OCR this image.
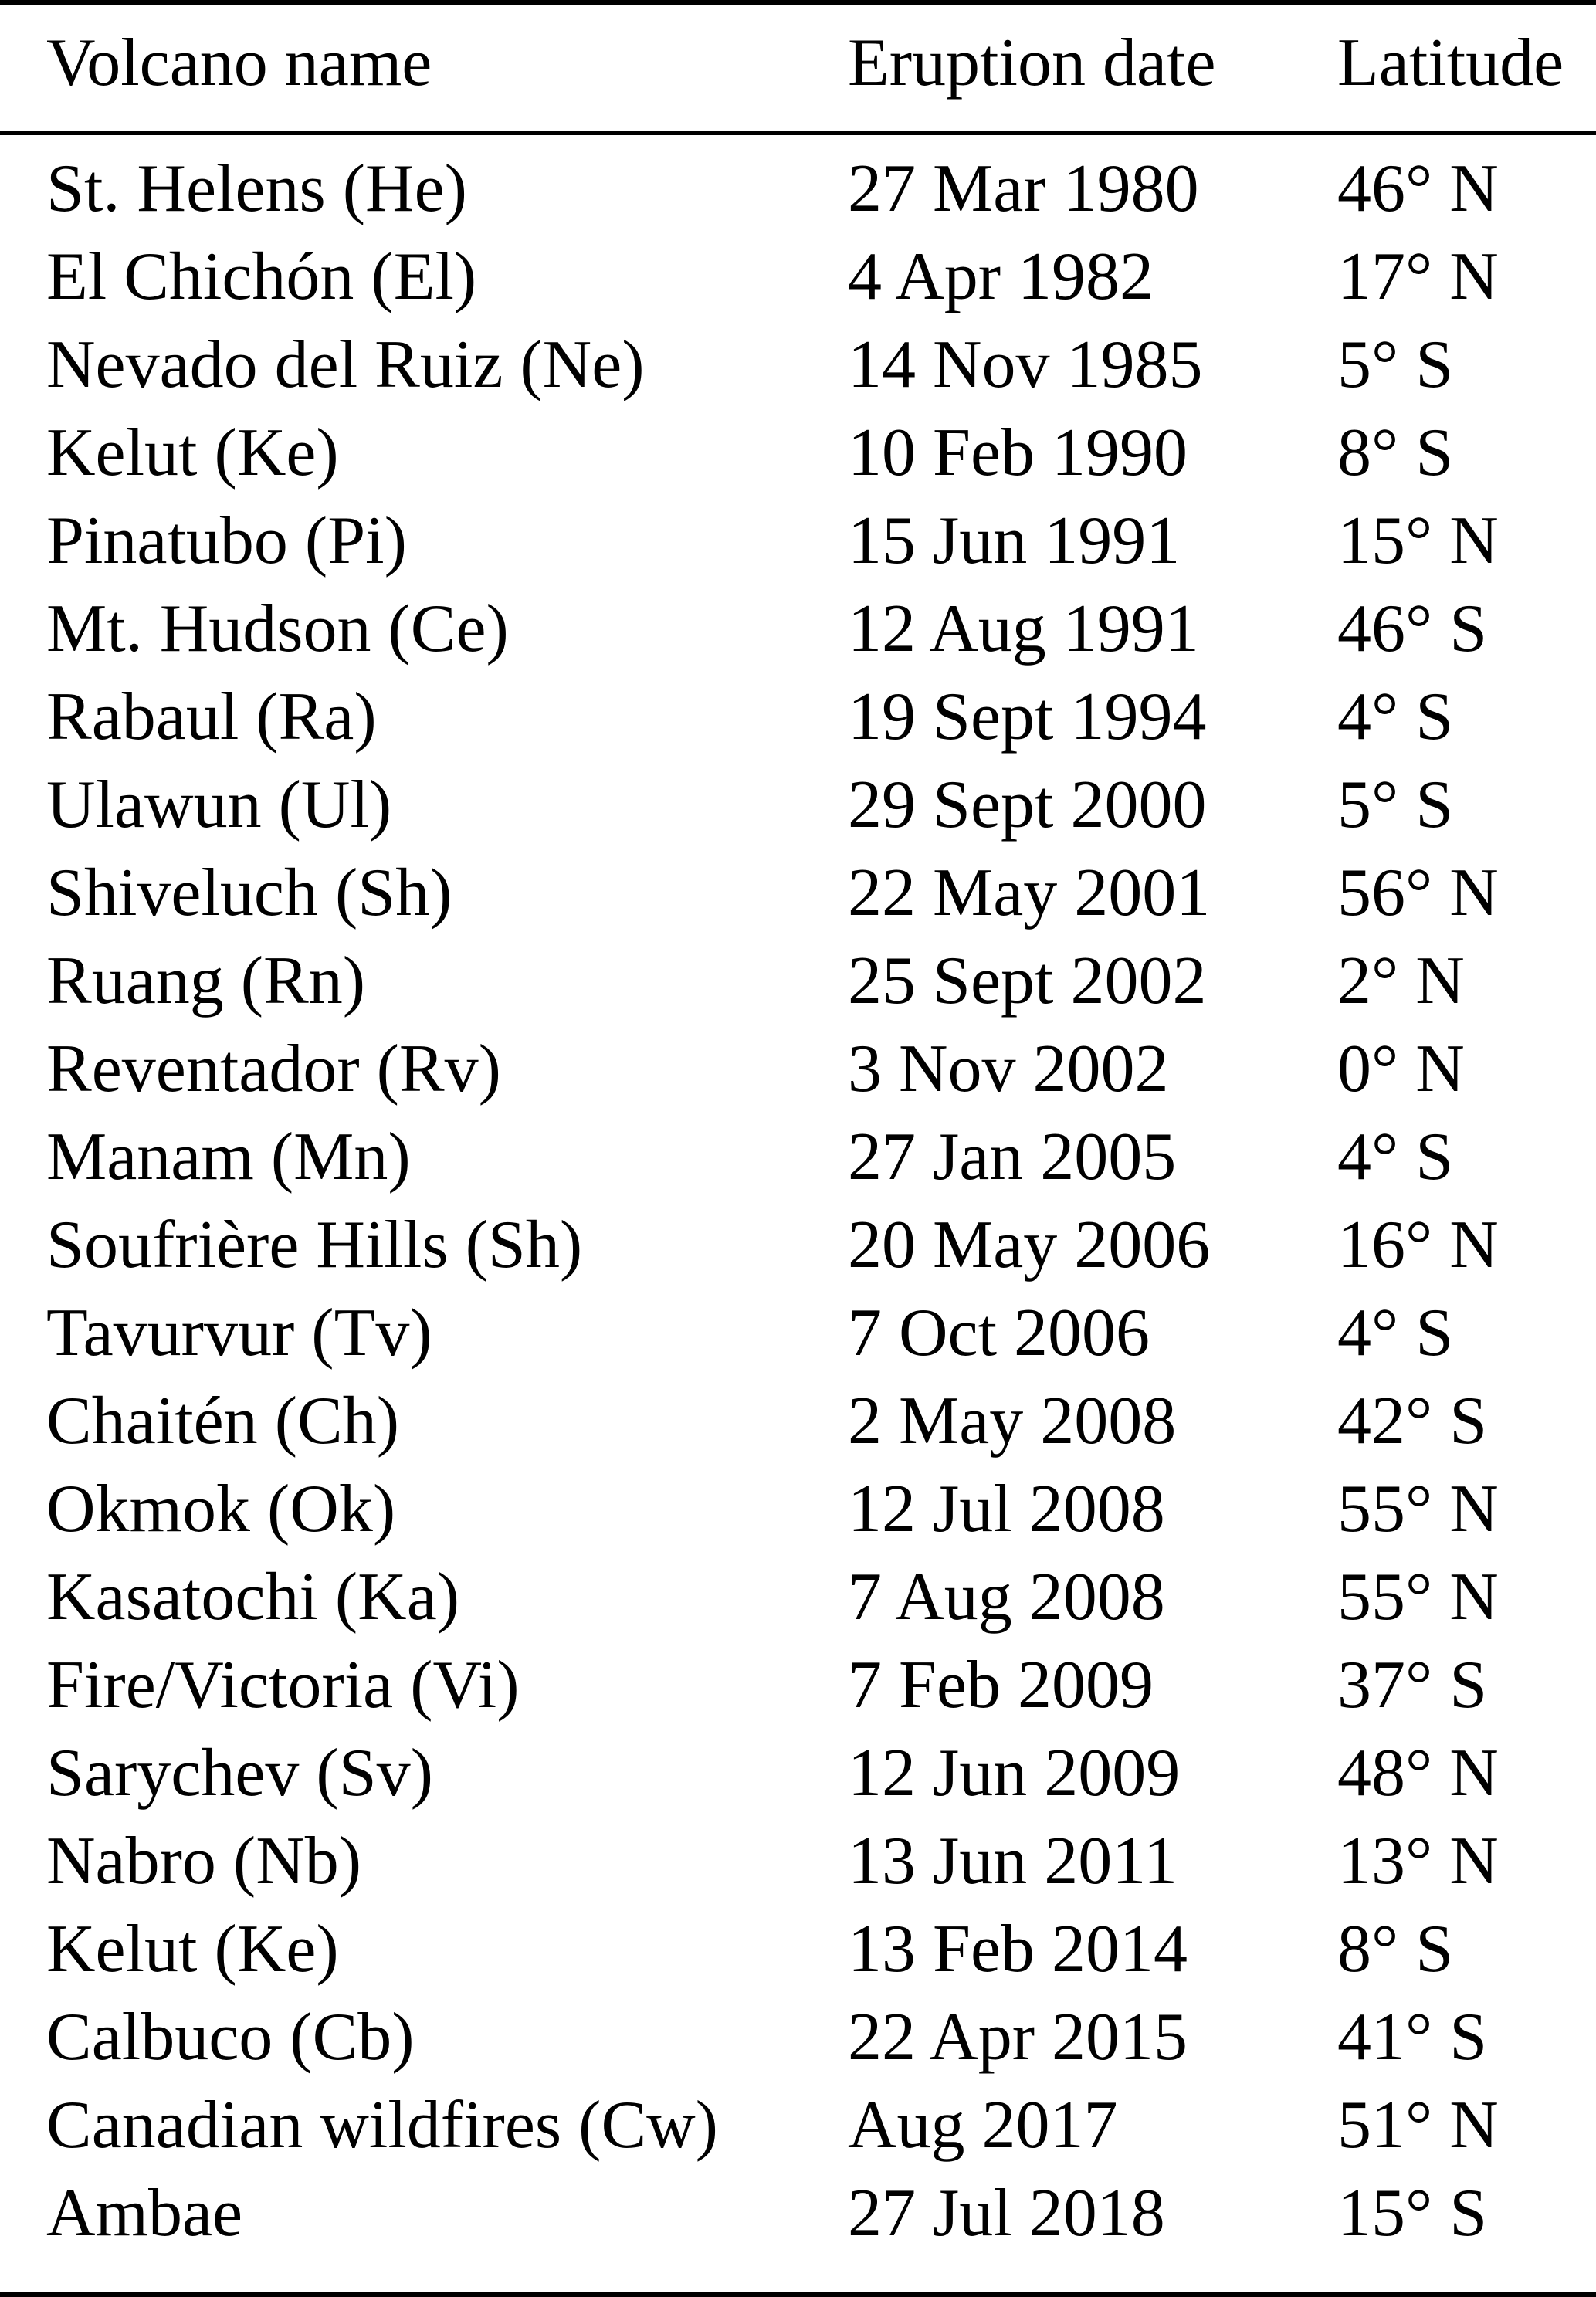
Volcano name	Eruption date	Latitude
St. Helens (He)	27 Mar 1980	46° N
El Chichón (El)	4 Apr 1982	17° N
Nevado del Ruiz (Ne)	14 Nov 1985	5° S
Kelut (Ke)	10 Feb 1990	8° S
Pinatubo (Pi)	15 Jun 1991	15° N
Mt. Hudson (Ce)	12 Aug 1991	46° S
Rabaul (Ra)	19 Sept 1994	4° S
Ulawun (Ul)	29 Sept 2000	5° S
Shiveluch (Sh)	22 May 2001	56° N
Ruang (Rn)	25 Sept 2002	2° N
Reventador (Rv)	3 Nov 2002	0° N
Manam (Mn)	27 Jan 2005	4° S
Soufrière Hills (Sh)	20 May 2006	16° N
Tavurvur (Tv)	7 Oct 2006	4° S
Chaitén (Ch)	2 May 2008	42° S
Okmok (Ok)	12 Jul 2008	55° N
Kasatochi (Ka)	7 Aug 2008	55° N
Fire/Victoria (Vi)	7 Feb 2009	37° S
Sarychev (Sv)	12 Jun 2009	48° N
Nabro (Nb)	13 Jun 2011	13° N
Kelut (Ke)	13 Feb 2014	8° S
Calbuco (Cb)	22 Apr 2015	41° S
Canadian wildfires (Cw)	Aug 2017	51° N
Ambae	27 Jul 2018	15° S
